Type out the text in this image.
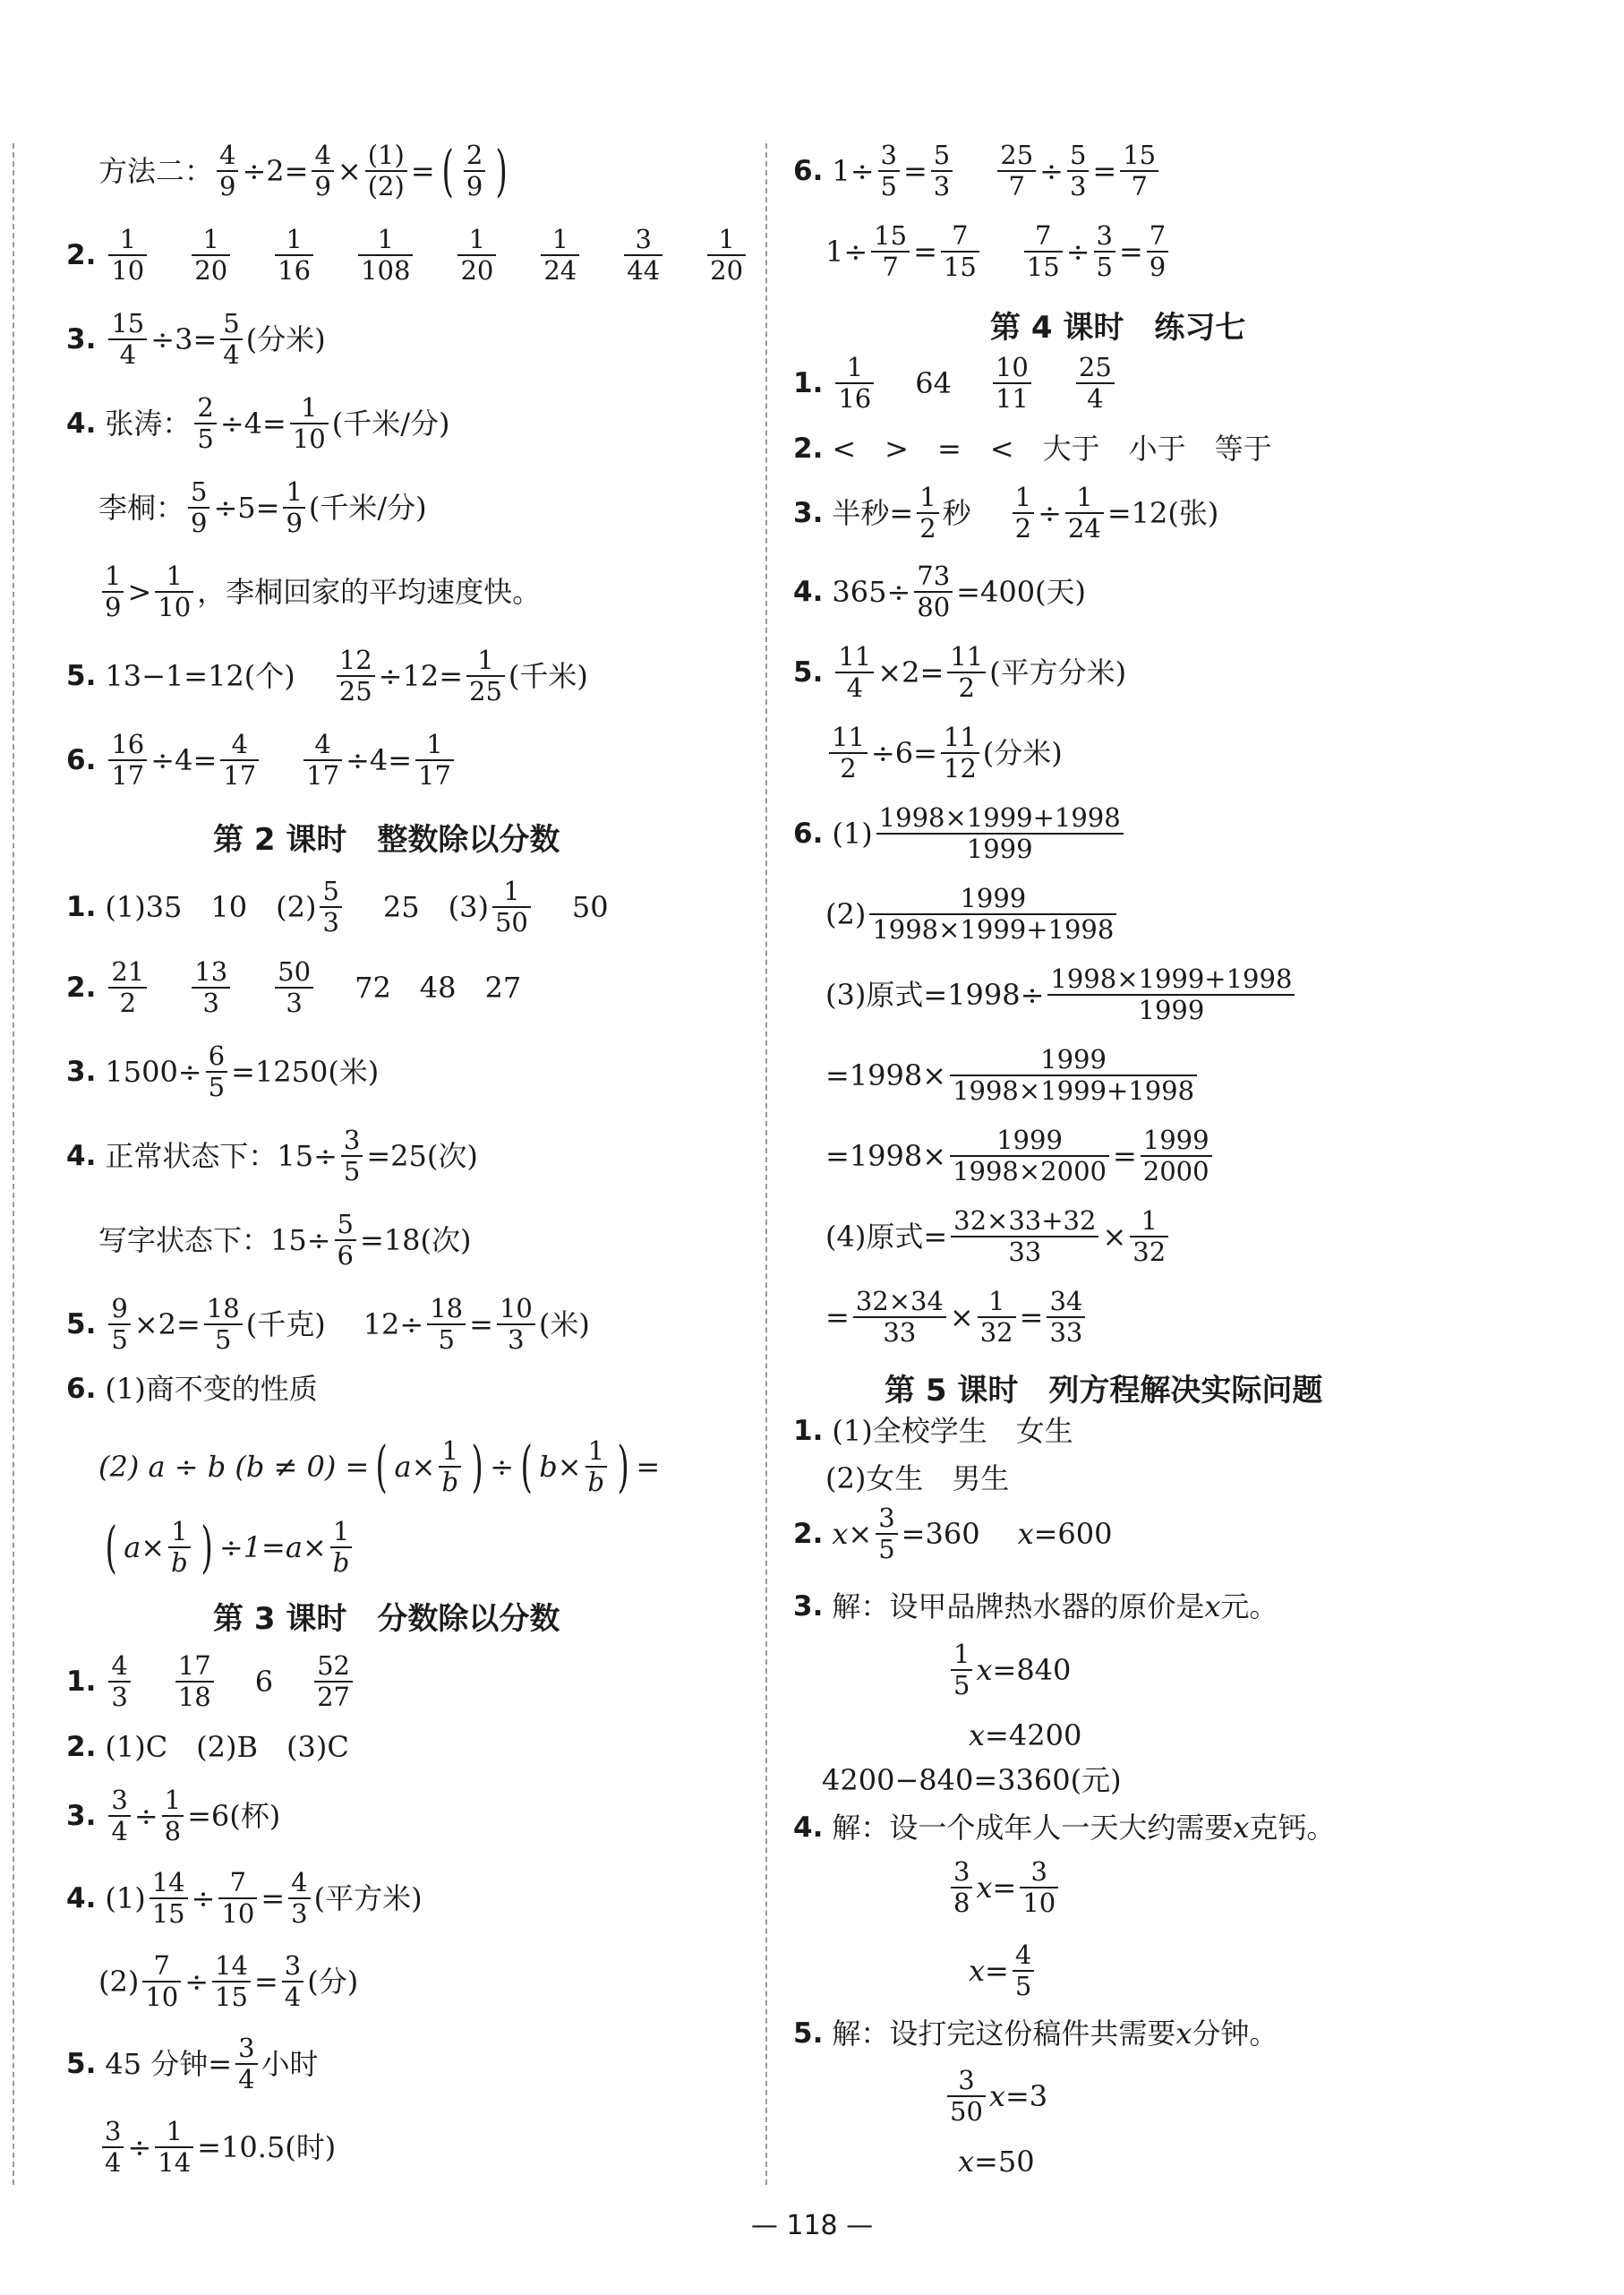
方法二： $\frac{4}{9} \div 2= \frac{4}{9} \times \frac{(1)}{(2)}$ = ( $\frac{2}{9}$ )
2. $\frac{1}{10} \frac{1}{20} \frac{1}{16} \frac{1}{108} \frac{1}{20} \frac{1}{24} \frac{3}{44} \frac{1}{20}$
3. $\frac{15}{4} \div 3= \frac{5}{4}$ (分米)
4. 张涛： $\frac{2}{5} \div 4= \frac{1}{10}$ (千米/分)
李桐： $\frac{5}{9} \div 5= \frac{1}{9}$ (千米/分)
$\frac{1}{9} > \frac{1}{10}$ ，李桐回家的平均速度快。
5. 13−1=12(个) $\frac{12}{25} \div 12= \frac{1}{25}$ (千米)
6. $\frac{16}{17} \div 4= \frac{4}{17} \frac{4}{17} \div 4= \frac{1}{17}$
第 2 课时　整数除以分数
1. (1)35　10　$(2) \frac{5}{3} 25$　$(3) \frac{1}{50} 50$
2. $\frac{21}{2} \frac{13}{3} \frac{50}{3} 72$　48　27
3. $1500\div \frac{6}{5} =1250$(米)
4. 正常状态下：$15\div \frac{3}{5} =25$(次)
写字状态下：$15\div \frac{5}{6} =18$(次)
5. $\frac{9}{5} \times 2= \frac{18}{5}$ (千克) $12\div \frac{18}{5} = \frac{10}{3}$ (米)
6. (1)商不变的性质
(2) a ÷ b (b ≠ 0) = ( $a \times \frac{1}{b}$ ) ÷ ( $b \times \frac{1}{b}$ ) =
( $a \times \frac{1}{b}$ ) $\div 1=a\times \frac{1}{b}$
第 3 课时　分数除以分数
1. $\frac{4}{3} \frac{17}{18} 6 \frac{52}{27}$
2. (1)C　(2)B　(3)C
3. $\frac{3}{4} \div \frac{1}{8} =6$(杯)
4. $(1) \frac{14}{15} \div \frac{7}{10} = \frac{4}{3}$ (平方米)
$(2) \frac{7}{10} \div \frac{14}{15} = \frac{3}{4}$ (分)
5. 45 分钟= $\frac{3}{4}$ 小时
$\frac{3}{4} \div \frac{1}{14} =10.5$(时)
6. $1\div \frac{3}{5} = \frac{5}{3} \frac{25}{7} \div \frac{5}{3} = \frac{15}{7}$
$1\div \frac{15}{7} = \frac{7}{15} \frac{7}{15} \div \frac{3}{5} = \frac{7}{9}$
第 4 课时　练习七
1. $\frac{1}{16} 64 \frac{10}{11} \frac{25}{4}$
2. <　>　=　<　大于　小于　等于
3. 半秒= $\frac{1}{2}$ 秒 $\frac{1}{2} \div \frac{1}{24} =12$(张)
4. $365\div \frac{73}{80} =400$(天)
5. $\frac{11}{4} \times 2= \frac{11}{2}$ (平方分米)
$\frac{11}{2} \div 6= \frac{11}{12}$ (分米)
6. $(1) \frac{1998\times 1999+1998}{1999}$
$(2) \frac{1999}{1998\times 1999+1998}$
(3)原式$=1998\div \frac{1998\times 1999+1998}{1999}$
$=1998\times \frac{1999}{1998\times 1999+1998}$
$=1998\times \frac{1999}{1998\times 2000} = \frac{1999}{2000}$
(4)原式= $\frac{32\times 33+32}{33} \times \frac{1}{32}$
= $\frac{32\times 34}{33} \times \frac{1}{32} = \frac{34}{33}$
第 5 课时　列方程解决实际问题
1. (1)全校学生　女生
(2)女生　男生
2. $x \times \frac{3}{5} =360$ x =600
3. 解：设甲品牌热水器的原价是 x 元。
$\frac{1}{5}$ x =840
x =4200
4200−840=3360(元)
4. 解：设一个成年人一天大约需要 x 克钙。
$\frac{3}{8}$ $x = \frac{3}{10}$
$x = \frac{4}{5}$
5. 解：设打完这份稿件共需要 x 分钟。
$\frac{3}{50}$ x =3
x =50
— 118 —
